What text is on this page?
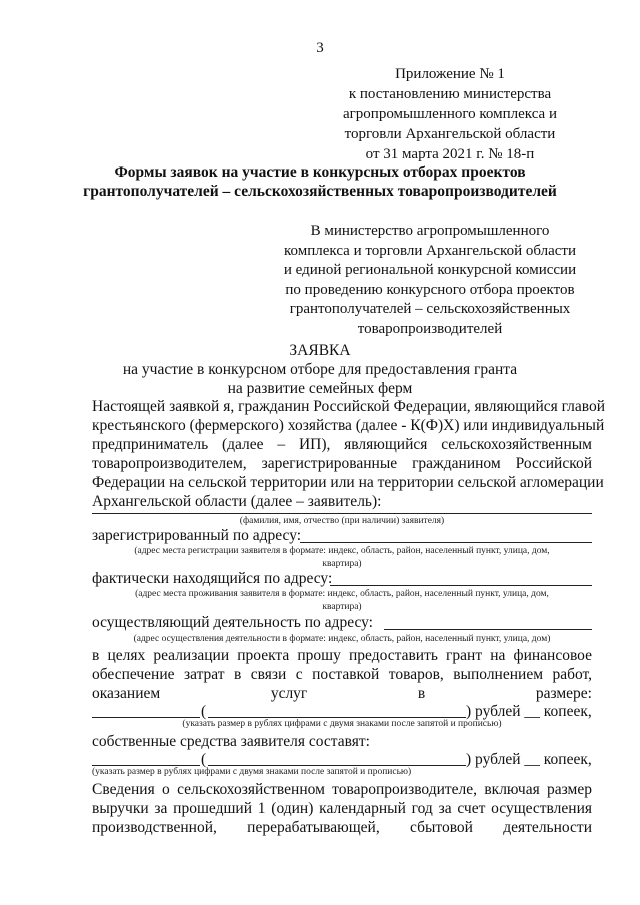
3
Приложение № 1
к постановлению министерства
агропромышленного комплекса и
торговли Архангельской области
от 31 марта 2021 г. № 18-п
Формы заявок на участие в конкурсных отборах проектов
грантополучателей – сельскохозяйственных товаропроизводителей
В министерство агропромышленного
комплекса и торговли Архангельской области
и единой региональной конкурсной комиссии
по проведению конкурсного отбора проектов
грантополучателей – сельскохозяйственных
товаропроизводителей
ЗАЯВКА
на участие в конкурсном отборе для предоставления гранта
на развитие семейных ферм
Настоящей заявкой я, гражданин Российской Федерации, являющийся главой
крестьянского (фермерского) хозяйства (далее - К(Ф)Х) или индивидуальный
предприниматель (далее – ИП), являющийся сельскохозяйственным
товаропроизводителем, зарегистрированные гражданином Российской
Федерации на сельской территории или на территории сельской агломерации
Архангельской области (далее – заявитель):
(фамилия, имя, отчество (при наличии) заявителя)
зарегистрированный по адресу:
(адрес места регистрации заявителя в формате: индекс, область, район, населенный пункт, улица, дом,
квартира)
фактически находящийся по адресу:
(адрес места проживания заявителя в формате: индекс, область, район, населенный пункт, улица, дом,
квартира)
осуществляющий деятельность по адресу:
(адрес осуществления деятельности в формате: индекс, область, район, населенный пункт, улица, дом)
в целях реализации проекта прошу предоставить грант на финансовое
обеспечение затрат в связи с поставкой товаров, выполнением работ,
оказанием	услуг	в	размере:
(	) рублей __ копеек,
(указать размер в рублях цифрами с двумя знаками после запятой и прописью)
собственные средства заявителя составят:
(	) рублей __ копеек,
(указать размер в рублях цифрами с двумя знаками после запятой и прописью)
Сведения о сельскохозяйственном товаропроизводителе, включая размер
выручки за прошедший 1 (один) календарный год за счет осуществления
производственной, перерабатывающей, сбытовой деятельности
